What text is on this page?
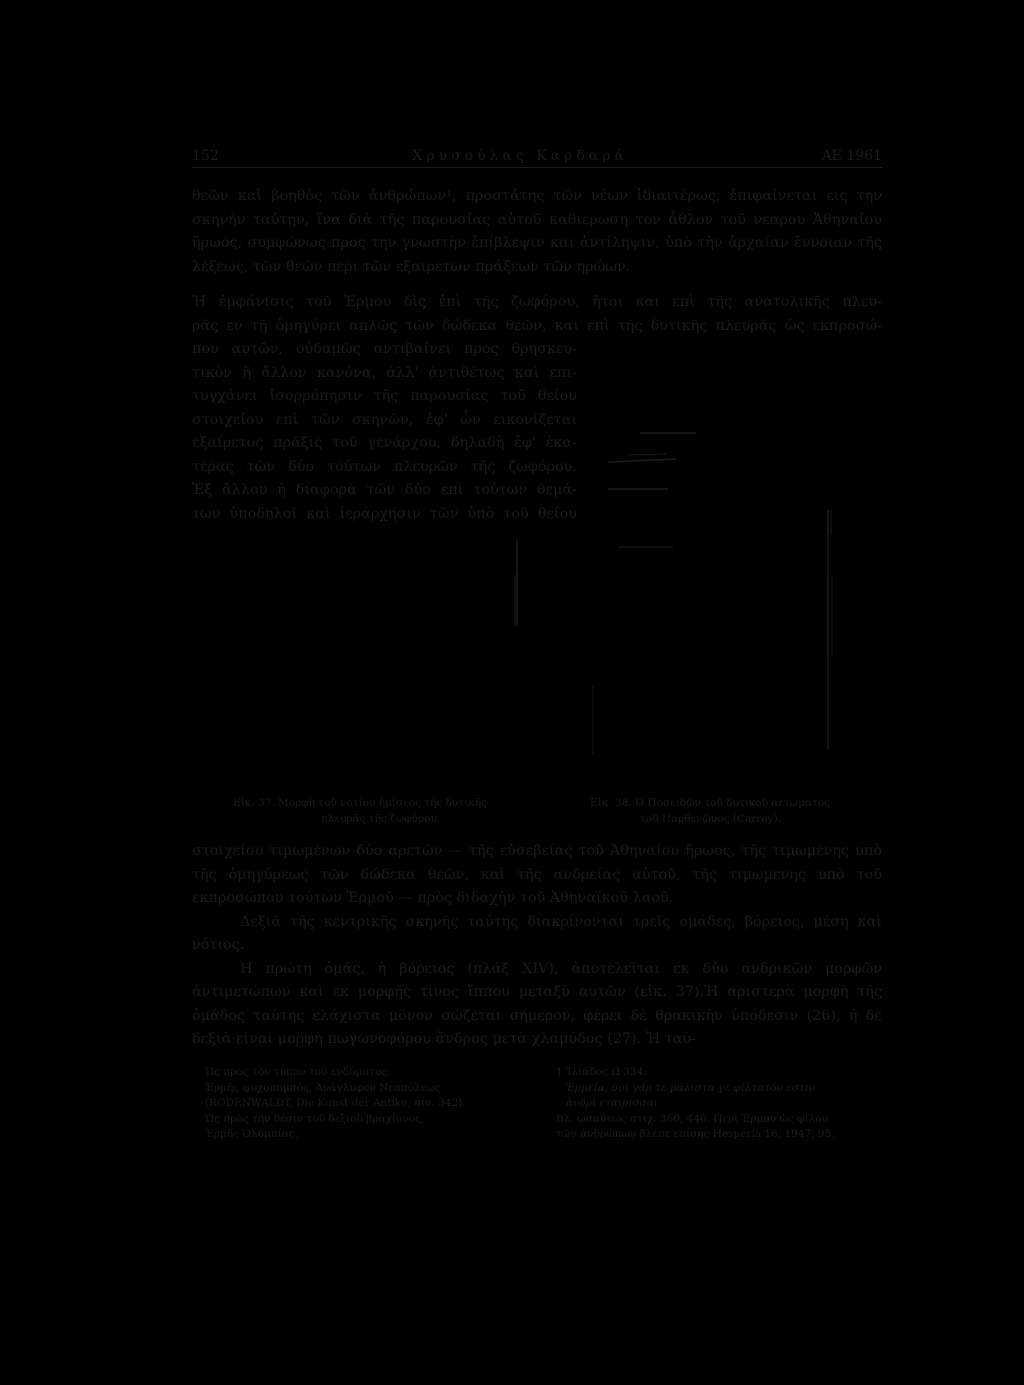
152	Χρυσούλας Καρδαρά	ΑΕ 1961

θεῶν καὶ βοηθὸς τῶν ἀνθρώπων¹, προστάτης τῶν νέων ἰδιαιτέρως, ἐπιφαίνεται εις την σκηνὴν ταύτην, ἵνα διὰ τῆς παρουσίας αὐτοῦ καθιερωση τον ἆθλον τοῦ νεαρου Ἀθηναίου ἥρωος, συμφώνως προς την γνωστὴν ἐπίβλεψιν και ἀντίληψιν, ὑπὸ τὴν ἀρχαίαν ἔννοιαν τῆς λέξεως, τῶν θεῶν περι τῶν εξαιρετων πράξεων τῶν ηρώων.

Ἡ ἐμφάνισις τοῦ Ἑρμου δὶς ἐπὶ τῆς ζωφόρου, ἤτοι και επὶ τῆς ανατολικῆς πλευ-
ρᾶς εν τῇ ὁμηγύρει απλῶς τῶν δώδεκα θεῶν, και επὶ τῆς δυτικῆς πλευρᾶς ὡς εκπροσώ-
που αυτῶν, οὐδαμῶς αντιβαίνει προς θρησκευ-
τικὸν ἢ ἄλλον κανόνα, ἀλλ' ἀντιθέτως καὶ επι-
τυγχάνει ἰσορρόπησιν τῆς παρουσίας τοῦ θείου
στοιχείου επὶ τῶν σκηνῶν, ἐφ' ὧν εικονίζεται
εξαίρετος πρᾶξις τοῦ γενάρχου, δηλαδὴ ἐφ' ἑκα-
τέρας τῶν δύο τούτων πλευρῶν τῆς ζωφόρου.
Ἐξ ἄλλου ἡ διαφορὰ τῶν δύο επὶ τούτων θεμά-
των ὑποδηλοῖ καὶ ἱεράρχησιν τῶν ὑπὸ τοῦ θείου
Εἰκ. 37. Μορφὴ τοῦ νοτίου ἡμίσεος τῆς δυτικῆς
πλευρᾶς τῆς ζωφόρου.
Εἰκ. 38. Ὁ Ποσειδῶν τοῦ δυτικοῦ αετώματος
τοῦ Παρθενῶνος (Carrey).

στοιχείου τιμωμένων δύο αρετῶν — τῆς εὐσεβείας τοῦ Ἀθηναίου ἥρωος, τῆς τιμωμένης υπὸ τῆς ὁμηγύρεως τῶν δώδεκα θεῶν, καὶ τῆς ανδρείας αὐτοῦ, τῆς τιμωμενης υπὸ τοῦ εκπροσώπου τούτων Ἑρμοῦ — πρὸς διδαχὴν τοῦ Ἀθηναϊκοῦ λαοῦ.

Δεξιᾶ τῆς κεντρικῆς σκηνῆς ταύτης διακρίνονται τρεῖς ομάδες, βόρειος, μέση καὶ νότιος.

Η πρώτη ὁμάς, ἡ βόρειος (πλάξ XIV), ἀποτελεῖται εκ δύο ανδρικῶν μορφῶν ἀντιμετώπων καὶ εκ μορφῆς τινος ἵππου μεταξὺ αυτῶν (εἰκ. 37).Ἡ αριστερὰ μορφὴ τῆς ὁμάδος ταύτης ελάχιστα μόνον σώζεται σήμερον, φέρει δὲ θρακικὴν ὑπόδεσιν (26), ἡ δὲ δεξιὰ εἰναι μορφὴ πωγωνοφόρου ἄνδρος μετὰ χλαμύδος (27). Ἡ ταύ-

Ὡς πρὸς τὸν τύπον τοῦ ενδύματος:
Ἑρμῆς ψυχοπομπός, Ἀνάγλυφον Νεαπόλεως:
(RODENWALDT, Die Kunst der Antike, πίν. 342).
Ὡς πρὸς τὴν θέσιν τοῦ δεξιοῦ βραχίονος,
Ἑρμῆς Ὀλυμπίας.
1 Ἰλιάδος Ω 334:
Ἑρμεία, σοὶ γάρ τε μάλιστα γε φίλτατόν εστιν
ἀνδρὶ εταιρίσσαι.
Βλ. ωσαύτως στιχ. 360, 440. Περὶ Ἑρμου ὡς φίλου
τῶν ἀνθρώπων βλέπε επίσης Hesperia 16, 1947, 95.
